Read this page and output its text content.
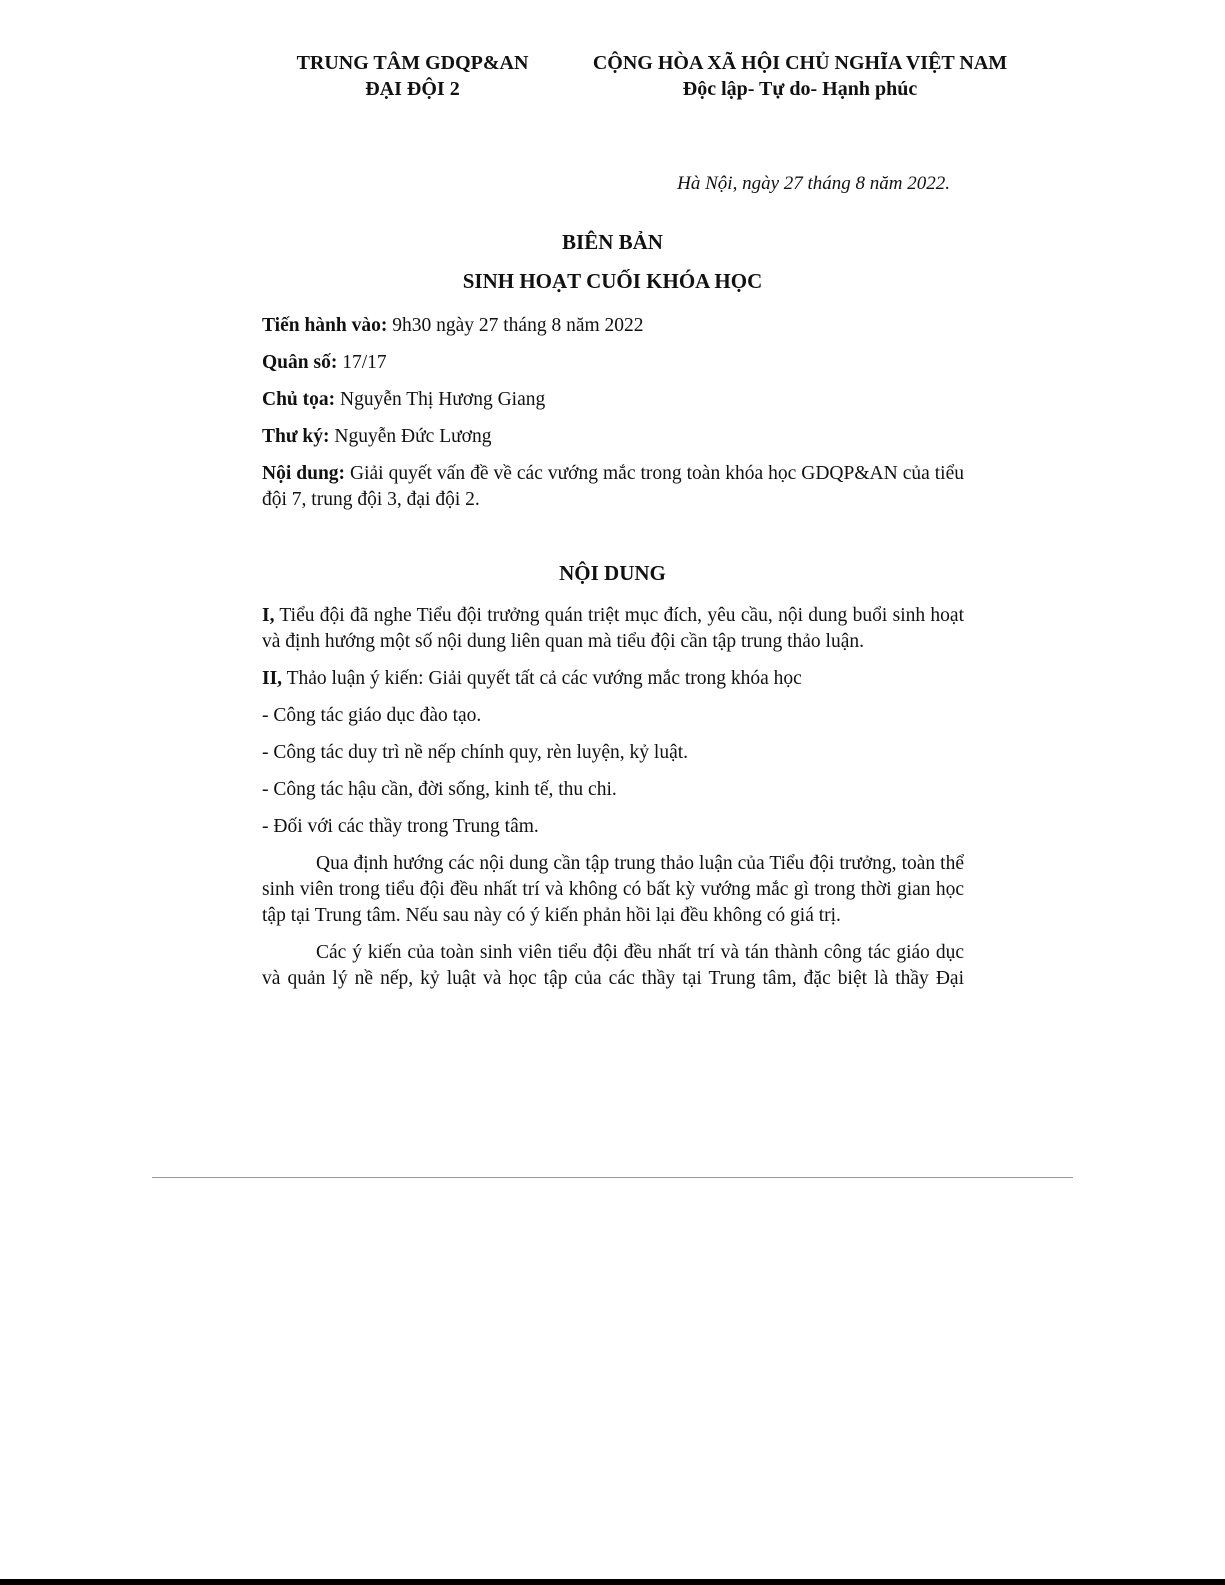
TRUNG TÂM GDQP&AN
ĐẠI ĐỘI 2
CỘNG HÒA XÃ HỘI CHỦ NGHĨA VIỆT NAM
Độc lập- Tự do- Hạnh phúc
Hà Nội, ngày 27 tháng 8 năm 2022.
BIÊN BẢN
SINH HOẠT CUỐI KHÓA HỌC

Tiến hành vào: 9h30 ngày 27 tháng 8 năm 2022

Quân số: 17/17

Chủ tọa: Nguyễn Thị Hương Giang

Thư ký: Nguyễn Đức Lương

Nội dung: Giải quyết vấn đề về các vướng mắc trong toàn khóa học GDQP&AN của tiểu đội 7, trung đội 3, đại đội 2.

NỘI DUNG

I, Tiểu đội đã nghe Tiểu đội trưởng quán triệt mục đích, yêu cầu, nội dung buổi sinh hoạt và định hướng một số nội dung liên quan mà tiểu đội cần tập trung thảo luận.

II, Thảo luận ý kiến: Giải quyết tất cả các vướng mắc trong khóa học

- Công tác giáo dục đào tạo.

- Công tác duy trì nề nếp chính quy, rèn luyện, kỷ luật.

- Công tác hậu cần, đời sống, kinh tế, thu chi.

- Đối với các thầy trong Trung tâm.

Qua định hướng các nội dung cần tập trung thảo luận của Tiểu đội trưởng, toàn thể sinh viên trong tiểu đội đều nhất trí và không có bất kỳ vướng mắc gì trong thời gian học tập tại Trung tâm. Nếu sau này có ý kiến phản hồi lại đều không có giá trị.

Các ý kiến của toàn sinh viên tiểu đội đều nhất trí và tán thành công tác giáo dục và quản lý nề nếp, kỷ luật và học tập của các thầy tại Trung tâm, đặc biệt là thầy Đại
